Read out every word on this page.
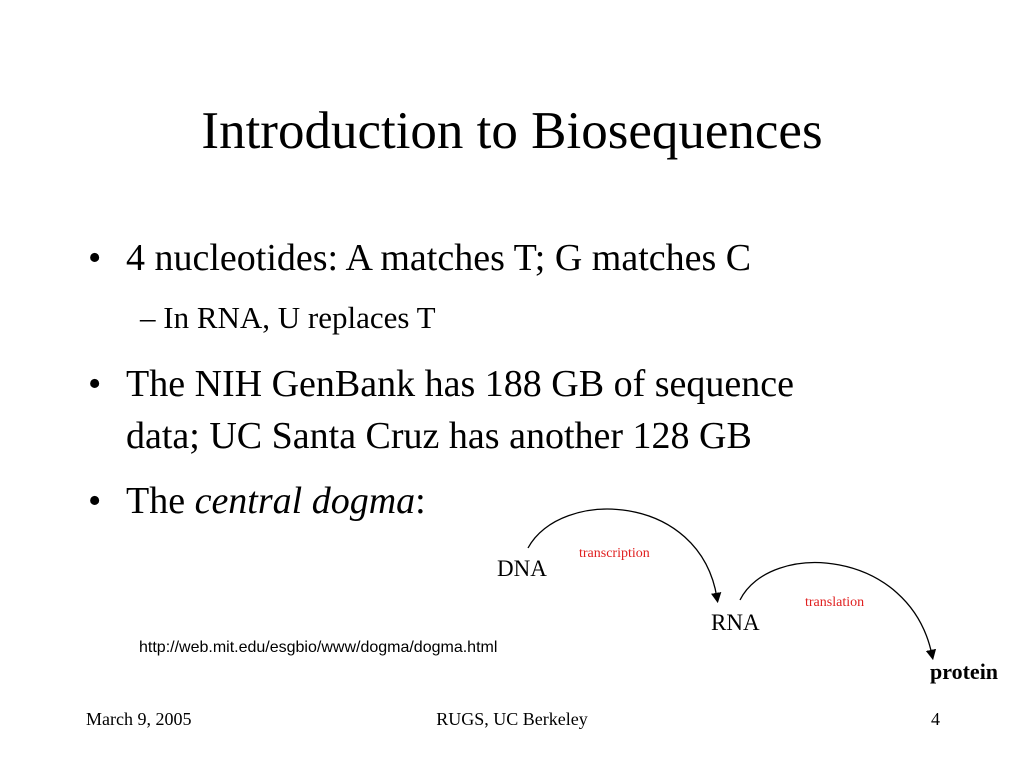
Introduction to Biosequences
• 4 nucleotides: A matches T; G matches C
– In RNA, U replaces T
• The NIH GenBank has 188 GB of sequence
data; UC Santa Cruz has another 128 GB
• The central dogma:
DNA
RNA
protein
transcription
translation
http://web.mit.edu/esgbio/www/dogma/dogma.html
March 9, 2005	RUGS, UC Berkeley	4
